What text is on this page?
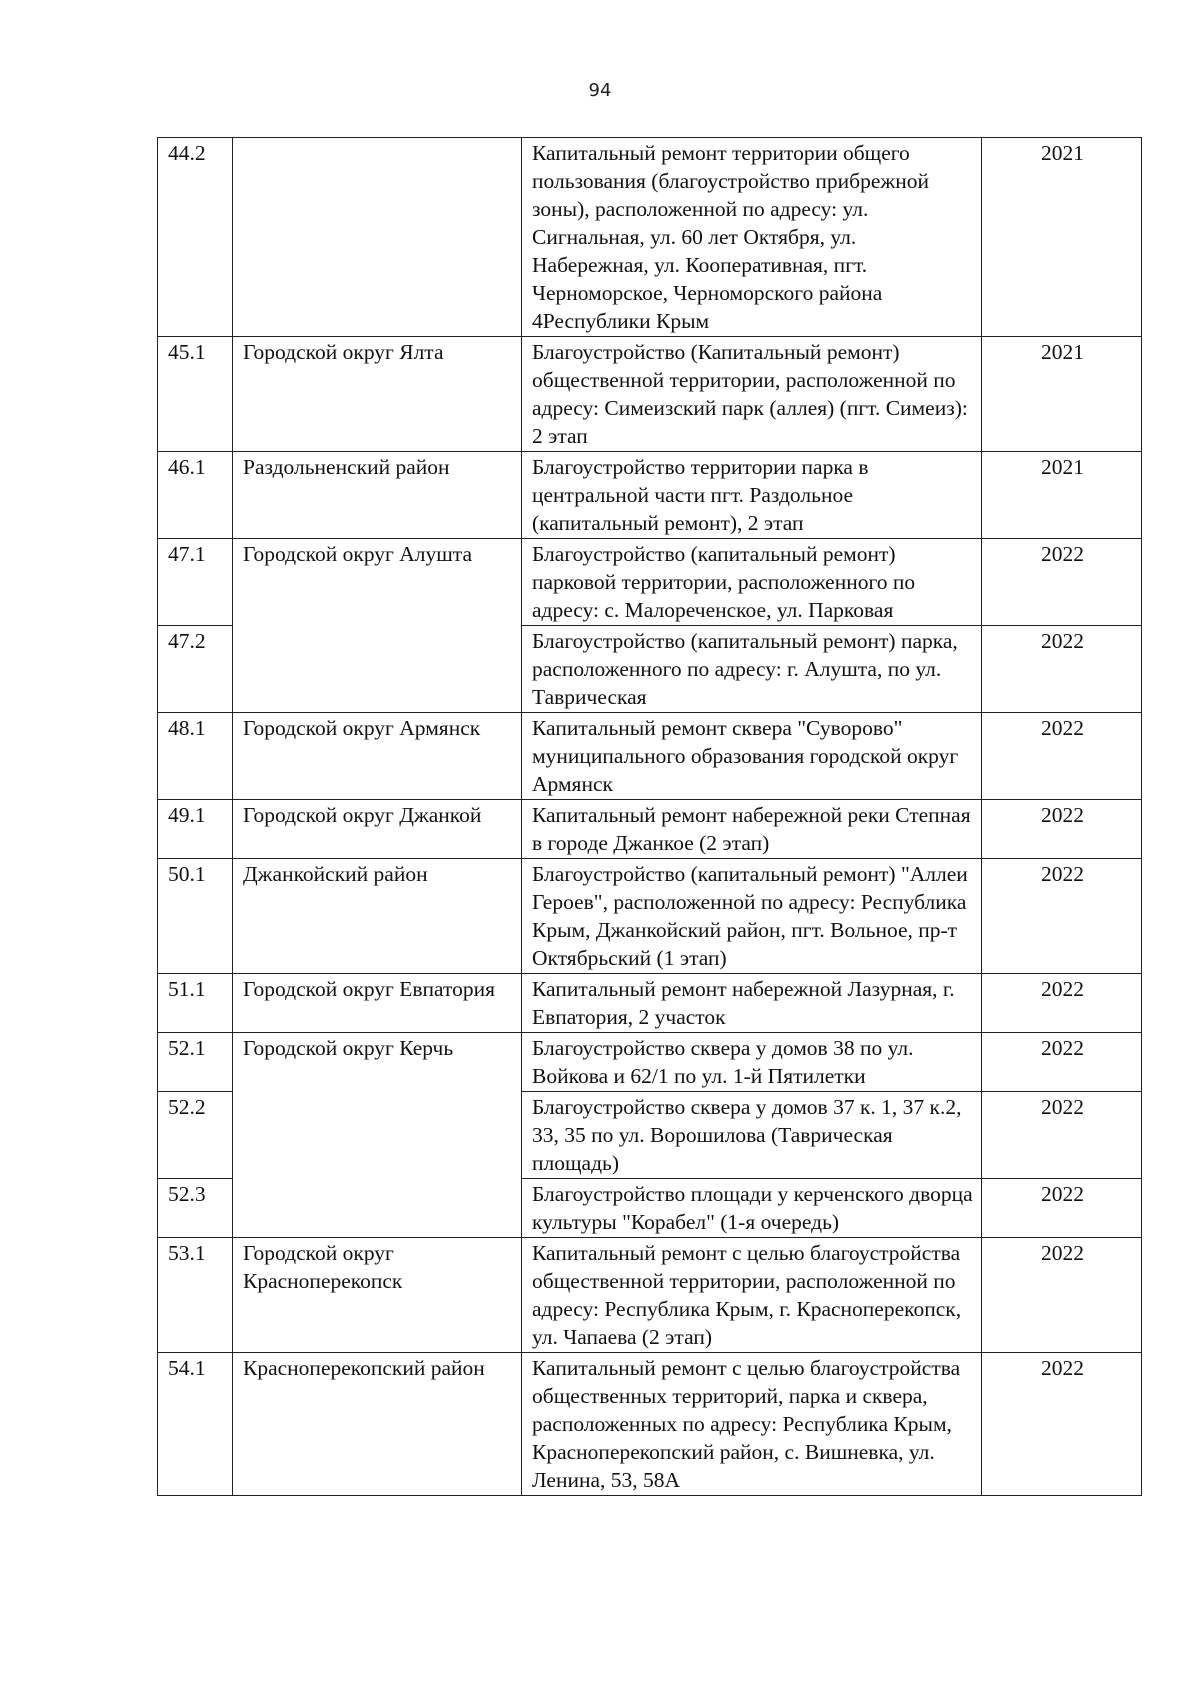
94
44.2		Капитальный ремонт территории общего пользования (благоустройство прибрежной зоны), расположенной по адресу: ул. Сигнальная, ул. 60 лет Октября, ул. Набережная, ул. Кооперативная, пгт. Черноморское, Черноморского района 4Республики Крым	2021
45.1	Городской округ Ялта	Благоустройство (Капитальный ремонт) общественной территории, расположенной по адресу: Симеизский парк (аллея) (пгт. Симеиз): 2 этап	2021
46.1	Раздольненский район	Благоустройство территории парка в центральной части пгт. Раздольное (капитальный ремонт), 2 этап	2021
47.1	Городской округ Алушта	Благоустройство (капитальный ремонт) парковой территории, расположенного по адресу: с. Малореченское, ул. Парковая	2022
47.2		Благоустройство (капитальный ремонт) парка, расположенного по адресу: г. Алушта, по ул. Таврическая	2022
48.1	Городской округ Армянск	Капитальный ремонт сквера "Суворово" муниципального образования городской округ Армянск	2022
49.1	Городской округ Джанкой	Капитальный ремонт набережной реки Степная в городе Джанкое (2 этап)	2022
50.1	Джанкойский район	Благоустройство (капитальный ремонт) "Аллеи Героев", расположенной по адресу: Республика Крым, Джанкойский район, пгт. Вольное, пр-т Октябрьский (1 этап)	2022
51.1	Городской округ Евпатория	Капитальный ремонт набережной Лазурная, г. Евпатория, 2 участок	2022
52.1	Городской округ Керчь	Благоустройство сквера у домов 38 по ул. Войкова и 62/1 по ул. 1-й Пятилетки	2022
52.2		Благоустройство сквера у домов 37 к. 1, 37 к.2, 33, 35 по ул. Ворошилова (Таврическая площадь)	2022
52.3		Благоустройство площади у керченского дворца культуры "Корабел" (1-я очередь)	2022
53.1	Городской округ Красноперекопск	Капитальный ремонт с целью благоустройства общественной территории, расположенной по адресу: Республика Крым, г. Красноперекопск, ул. Чапаева (2 этап)	2022
54.1	Красноперекопский район	Капитальный ремонт с целью благоустройства общественных территорий, парка и сквера, расположенных по адресу: Республика Крым, Красноперекопский район, с. Вишневка, ул. Ленина, 53, 58А	2022
